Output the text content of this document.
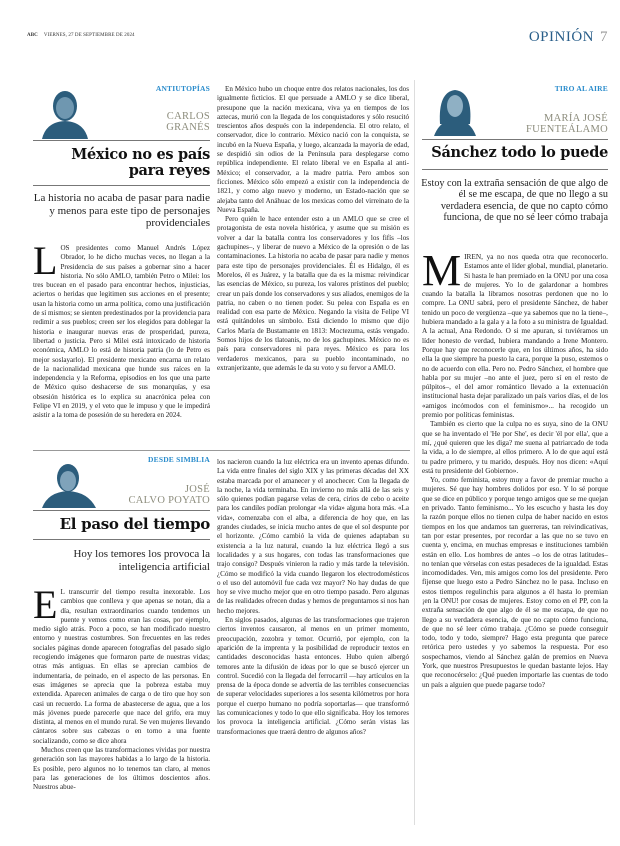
ABC VIERNES, 27 DE SEPTIEMBRE DE 2024	OPINIÓN 7
ANTIUTOPÍAS
CARLOS
GRANÉS
México no es país
para reyes
La historia no acaba de pasar para nadie y menos para este tipo de personajes providenciales
L OS presidentes como Manuel Andrés López Obrador, lo he dicho muchas veces, no llegan a la Presidencia de sus países a gobernar sino a hacer historia. No sólo AMLO, también Petro o Milei: los tres bucean en el pasado para encontrar hechos, injusticias, aciertos o heridas que legitimen sus acciones en el presente; usan la historia como un arma política, como una justificación de sí mismos; se sienten predestinados por la providencia para redimir a sus pueblos; creen ser los elegidos para doblegar la historia e inaugurar nuevas eras de prosperidad, pureza, libertad o justicia. Pero si Milei está intoxicado de historia económica, AMLO lo está de historia patria (lo de Petro es mejor soslayarlo). El presidente mexicano encarna un relato de la nacionalidad mexicana que hunde sus raíces en la independencia y la Reforma, episodios en los que una parte de México quiso deshacerse de sus monarquías, y esa obsesión histórica es lo explica su anacrónica pelea con Felipe VI en 2019, y el veto que le impuso y que le impedirá asistir a la toma de posesión de su heredera en 2024.

En México hubo un choque entre dos relatos nacionales, los dos igualmente ficticios. El que persuade a AMLO y se dice liberal, presupone que la nación mexicana, viva ya en tiempos de los aztecas, murió con la llegada de los conquistadores y sólo resucitó trescientos años después con la independencia. El otro relato, el conservador, dice lo contrario. México nació con la conquista, se incubó en la Nueva España, y luego, alcanzada la mayoría de edad, se despidió sin odios de la Península para desplegarse como república independiente. El relato liberal ve en España al anti-México; el conservador, a la madre patria. Pero ambos son ficciones. México sólo empezó a existir con la independencia de 1821, y como algo nuevo y moderno, un Estado-nación que se alejaba tanto del Anáhuac de los mexicas como del virreinato de la Nueva España.

Pero quién le hace entender esto a un AMLO que se cree el protagonista de esta novela histórica, y asume que su misión es volver a dar la batalla contra los conservadores y los fifís –los gachupines–, y liberar de nuevo a México de la opresión o de las contaminaciones. La historia no acaba de pasar para nadie y menos para este tipo de personajes providenciales. Él es Hidalgo, él es Morelos, él es Juárez, y la batalla que da es la misma: reivindicar las esencias de México, su pureza, los valores prístinos del pueblo; crear un país donde los conservadores y sus aliados, enemigos de la patria, no caben o no tienen poder. Su pelea con España es en realidad con esa parte de México. Negando la visita de Felipe VI está quitándoles un símbolo. Está diciendo lo mismo que dijo Carlos María de Bustamante en 1813: Moctezuma, estás vengado. Somos hijos de los tlatoanis, no de los gachupines. México no es país para conservadores ni para reyes. México es para los verdaderos mexicanos, para su pueblo incontaminado, no extranjerizante, que además le da su voto y su fervor a AMLO.

DESDE SIMBLIA
JOSÉ
CALVO POYATO
El paso del tiempo
Hoy los temores los provoca la inteligencia artificial
E L transcurrir del tiempo resulta inexorable. Los cambios que conlleva y que apenas se notan, día a día, resultan extraordinarios cuando tendemos un puente y vemos como eran las cosas, por ejemplo, medio siglo atrás. Poco a poco, se han modificado nuestro entorno y nuestras costumbres. Son frecuentes en las redes sociales páginas donde aparecen fotografías del pasado siglo recogiendo imágenes que formaron parte de nuestras vidas; otras más antiguas. En ellas se aprecian cambios de indumentaria, de peinado, en el aspecto de las personas. En esas imágenes se aprecia que la pobreza estaba muy extendida. Aparecen animales de carga o de tiro que hoy son casi un recuerdo. La forma de abastecerse de agua, que a los más jóvenes puede parecerle que nace del grifo, era muy distinta, al menos en el mundo rural. Se ven mujeres llevando cántaros sobre sus cabezas o en torno a una fuente socializando, como se dice ahora

Muchos creen que las transformaciones vividas por nuestra generación son las mayores habidas a lo largo de la historia. Es posible, pero algunos no lo tenemos tan claro, al menos para las generaciones de los últimos doscientos años. Nuestros abue-

los nacieron cuando la luz eléctrica era un invento apenas difundo. La vida entre finales del siglo XIX y las primeras décadas del XX estaba marcada por el amanecer y el anochecer. Con la llegada de la noche, la vida terminaba. En invierno no más allá de las seis y sólo quienes podían pagarse velas de cera, cirios de cebo o aceite para los candiles podían prolongar «la vida» alguna hora más. «La vida», comenzaba con el alba, a diferencia de hoy que, en las grandes ciudades, se inicia mucho antes de que el sol despunte por el horizonte. ¿Cómo cambió la vida de quienes adaptaban su existencia a la luz natural, cuando la luz eléctrica llegó a sus localidades y a sus hogares, con todas las transformaciones que trajo consigo? Después vinieron la radio y más tarde la televisión. ¿Cómo se modificó la vida cuando llegaron los electrodomésticos o el uso del automóvil fue cada vez mayor? No hay dudas de que hoy se vive mucho mejor que en otro tiempo pasado. Pero algunas de las realidades ofrecen dudas y hemos de preguntarnos si nos han hecho mejores.

En siglos pasados, algunas de las transformaciones que trajeron ciertos inventos causaron, al menos en un primer momento, preocupación, zozobra y temor. Ocurrió, por ejemplo, con la aparición de la imprenta y la posibilidad de reproducir textos en cantidades desconocidas hasta entonces. Hubo quien albergó temores ante la difusión de ideas por lo que se buscó ejercer un control. Sucedió con la llegada del ferrocarril —hay artículos en la prensa de la época donde se advertía de las terribles consecuencias de superar velocidades superiores a los sesenta kilómetros por hora porque el cuerpo humano no podría soportarlas— que transformó las comunicaciones y todo lo que ello significaba. Hoy los temores los provoca la inteligencia artificial. ¿Cómo serán vistas las transformaciones que traerá dentro de algunos años?

TIRO AL AIRE
MARÍA JOSÉ
FUENTEÁLAMO
Sánchez todo lo puede
Estoy con la extraña sensación de que algo de él se me escapa, de que no llego a su verdadera esencia, de que no capto cómo funciona, de que no sé leer cómo trabaja
M IREN, ya no nos queda otra que reconocerlo. Estamos ante el líder global, mundial, planetario. Si hasta le han premiado en la ONU por una cosa de mujeres. Yo lo de galardonar a hombres cuando la batalla la libramos nosotras perdonen que no lo compre. La ONU sabrá, pero el presidente Sánchez, de haber tenido un poco de vergüenza –que ya sabemos que no la tiene–, hubiera mandado a la gala y a la foto a su ministra de Igualdad. A la actual, Ana Redondo. O si me apuran, si tuviéramos un líder honesto de verdad, hubiera mandando a Irene Montero. Porque hay que reconocerle que, en los últimos años, ha sido ella la que siempre ha puesto la cara, porque la puso, estemos o no de acuerdo con ella. Pero no. Pedro Sánchez, el hombre que habla por su mujer –no ante el juez, pero sí en el resto de púlpitos–, el del amor romántico llevado a la extenuación institucional hasta dejar paralizado un país varios días, el de los «amigos incómodos con el feminismo»... ha recogido un premio por políticas feministas.

También es cierto que la culpa no es suya, sino de la ONU que se ha inventado el 'He por She', es decir 'él por ella', que a mí, ¿qué quieren que les diga? me suena al patriarcado de toda la vida, a lo de siempre, al ellos primero. A lo de que aquí está tu padre primero, y tu marido, después. Hoy nos dicen: «Aquí está tu presidente del Gobierno».

Yo, como feminista, estoy muy a favor de premiar mucho a mujeres. Sé que hay hombres dolidos por eso. Y lo sé porque que se dice en público y porque tengo amigos que se me quejan en privado. Tanto feminismo... Yo les escucho y hasta les doy la razón porque ellos no tienen culpa de haber nacido en estos tiempos en los que andamos tan guerreras, tan reivindicativas, tan por estar presentes, por recordar a las que no se tuvo en cuenta y, encima, en muchas empresas e instituciones también están en ello. Los hombres de antes –o los de otras latitudes– no tenían que vérselas con estas pesadeces de la igualdad. Estas incomodidades. Ven, mis amigos como los del presidente. Pero fíjense que luego esto a Pedro Sánchez no le pasa. Incluso en estos tiempos regulinchis para algunos a él hasta lo premian ¡en la ONU! por cosas de mujeres. Estoy como en el PP, con la extraña sensación de que algo de él se me escapa, de que no llego a su verdadera esencia, de que no capto cómo funciona, de que no sé leer cómo trabaja. ¿Cómo se puede conseguir todo, todo y todo, siempre? Hago esta pregunta que parece retórica pero ustedes y yo sabemos la respuesta. Por eso sospechamos, viendo al Sánchez galán de premios en Nueva York, que nuestros Presupuestos le quedan bastante lejos. Hay que reconocérselo: ¿Qué pueden importarle las cuentas de todo un país a alguien que puede pagarse todo?
